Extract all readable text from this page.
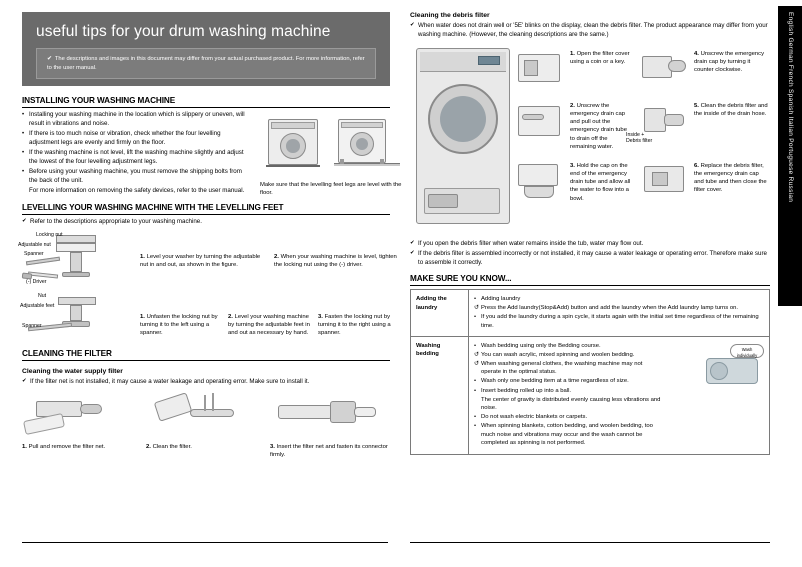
useful tips for your drum washing machine
✔ The descriptions and images in this document may differ from your actual purchased product. For more information, refer to the user manual.
INSTALLING YOUR WASHING MACHINE
• Installing your washing machine in the location which is slippery or uneven, will result in vibrations and noise.
• If there is too much noise or vibration, check whether the four levelling adjustment legs are evenly and firmly on the floor.
• If the washing machine is not level, lift the washing machine slightly and adjust the lowest of the four levelling adjustment legs.
• Before using your washing machine, you must remove the shipping bolts from the back of the unit.
For more information on removing the safety devices, refer to the user manual.
Make sure that the levelling feet legs are level with the floor.
LEVELLING YOUR WASHING MACHINE WITH THE LEVELLING FEET
✔ Refer to the descriptions appropriate to your washing machine.
Locking nut
Adjustable nut
Spanner
(-) Driver
1. Level your washer by turning the adjustable nut in and out, as shown in the figure.
2. When your washing machine is level, tighten the locking nut using the (-) driver.
Nut
Adjustable feet
Spanner
1. Unfasten the locking nut by turning it to the left using a spanner.
2. Level your washing machine by turning the adjustable feet in and out as necessary by hand.
3. Fasten the locking nut by turning it to the right using a spanner.
CLEANING THE FILTER
Cleaning the water supply filter
✔ If the filter net is not installed, it may cause a water leakage and operating error. Make sure to install it.
1. Pull and remove the filter net.	2. Clean the filter.	3. Insert the filter net and fasten its connector firmly.
Cleaning the debris filter
✔ When water does not drain well or '5E' blinks on the display, clean the debris filter. The product appearance may differ from your washing machine. (However, the cleaning descriptions are the same.)
1. Open the filter cover using a coin or a key.
4. Unscrew the emergency drain cap by turning it counter clockwise.
2. Unscrew the emergency drain cap and pull out the emergency drain tube to drain off the remaining water.
Inside + Debris filter
5. Clean the debris filter and the inside of the drain hose.
3. Hold the cap on the end of the emergency drain tube and allow all the water to flow into a bowl.
6. Replace the debris filter, the emergency drain cap and tube and then close the filter cover.
✔ If you open the debris filter when water remains inside the tub, water may flow out.
✔ If the debris filter is assembled incorrectly or not installed, it may cause a water leakage or operating error. Therefore make sure to assemble it correctly.
MAKE SURE YOU KNOW...
Adding the laundry	
• Adding laundry
↺ Press the Add laundry(Stop&Add) button and add the laundry when the Add laundry lamp turns on.
• If you add the laundry during a spin cycle, it starts again with the initial set time regardless of the remaining time.

Washing bedding	
• Wash bedding using only the Bedding course.
↺ You can wash acrylic, mixed spinning and woolen bedding.
↺ When washing general clothes, the washing machine may not operate in the optimal status.
• Wash only one bedding item at a time regardless of size.
• Insert bedding rolled up into a ball.
The center of gravity is distributed evenly causing less vibrations and noise.
• Do not wash electric blankets or carpets.
• When spinning blankets, cotton bedding, and woolen bedding, too much noise and vibrations may occur and the wash cannot be completed as spinning is not performed.
Wash individually
English German French Spanish Italian Portuguese Russian
